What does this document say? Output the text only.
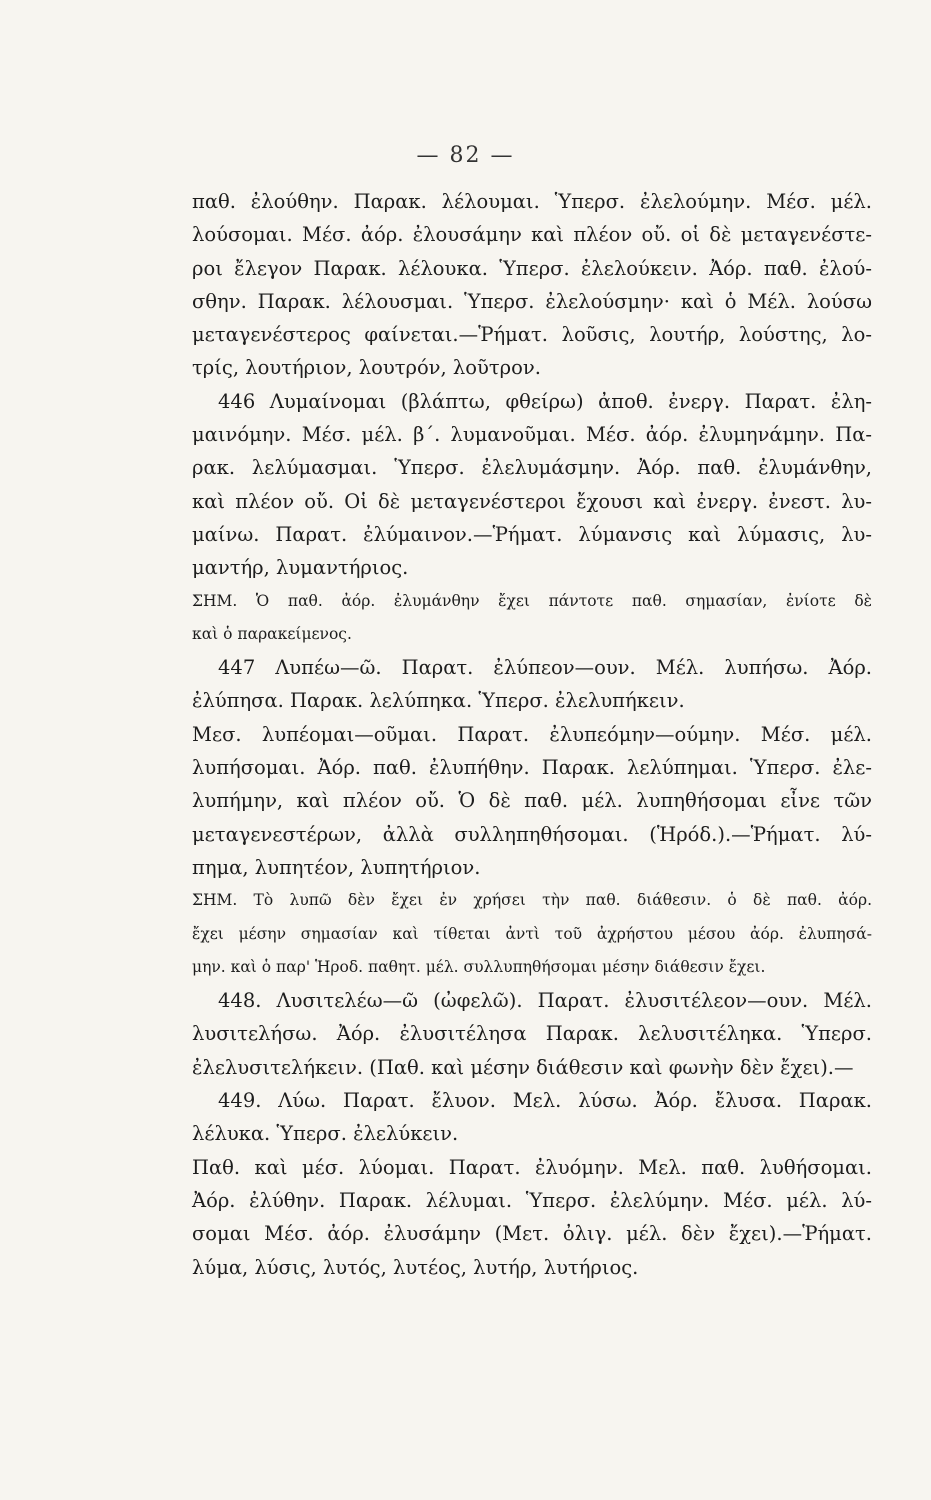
— 82 —
παθ. ἐλούθην. Παρακ. λέλουμαι. Ὑπερσ. ἐλελούμην. Μέσ. μέλ.
λούσομαι. Μέσ. ἀόρ. ἐλουσάμην καὶ πλέον οὔ. οἱ δὲ μεταγενέστε-
ροι ἔλεγον Παρακ. λέλουκα. Ὑπερσ. ἐλελούκειν. Ἀόρ. παθ. ἐλού-
σθην. Παρακ. λέλουσμαι. Ὑπερσ. ἐλελούσμην· καὶ ὁ Μέλ. λούσω
μεταγενέστερος φαίνεται.—Ῥήματ. λοῦσις, λουτήρ, λούστης, λο-
τρίς, λουτήριον, λουτρόν, λοῦτρον.
446 Λυμαίνομαι (βλάπτω, φθείρω) ἀποθ. ἐνεργ. Παρατ. ἐλη-
μαινόμην. Μέσ. μέλ. β΄. λυμανοῦμαι. Μέσ. ἀόρ. ἐλυμηνάμην. Πα-
ρακ. λελύμασμαι. Ὑπερσ. ἐλελυμάσμην. Ἀόρ. παθ. ἐλυμάνθην,
καὶ πλέον οὔ. Οἱ δὲ μεταγενέστεροι ἔχουσι καὶ ἐνεργ. ἐνεστ. λυ-
μαίνω. Παρατ. ἐλύμαινον.—Ῥήματ. λύμανσις καὶ λύμασις, λυ-
μαντήρ, λυμαντήριος.
ΣΗΜ. Ὁ παθ. ἀόρ. ἐλυμάνθην ἔχει πάντοτε παθ. σημασίαν, ἐνίοτε δὲ
καὶ ὁ παρακείμενος.
447 Λυπέω—ῶ. Παρατ. ἐλύπεον—ουν. Μέλ. λυπήσω. Ἀόρ.
ἐλύπησα. Παρακ. λελύπηκα. Ὑπερσ. ἐλελυπήκειν.
Μεσ. λυπέομαι—οῦμαι. Παρατ. ἐλυπεόμην—ούμην. Μέσ. μέλ.
λυπήσομαι. Ἀόρ. παθ. ἐλυπήθην. Παρακ. λελύπημαι. Ὑπερσ. ἐλε-
λυπήμην, καὶ πλέον οὔ. Ὁ δὲ παθ. μέλ. λυπηθήσομαι εἶνε τῶν
μεταγενεστέρων, ἀλλὰ συλληπηθήσομαι. (Ἡρόδ.).—Ῥήματ. λύ-
πημα, λυπητέον, λυπητήριον.
ΣΗΜ. Τὸ λυπῶ δὲν ἔχει ἐν χρήσει τὴν παθ. διάθεσιν. ὁ δὲ παθ. ἀόρ.
ἔχει μέσην σημασίαν καὶ τίθεται ἀντὶ τοῦ ἀχρήστου μέσου ἀόρ. ἐλυπησά-
μην. καὶ ὁ παρ' Ἡροδ. παθητ. μέλ. συλλυπηθήσομαι μέσην διάθεσιν ἔχει.
448. Λυσιτελέω—ῶ (ὠφελῶ). Παρατ. ἐλυσιτέλεον—ουν. Μέλ.
λυσιτελήσω. Ἀόρ. ἐλυσιτέλησα Παρακ. λελυσιτέληκα. Ὑπερσ.
ἐλελυσιτελήκειν. (Παθ. καὶ μέσην διάθεσιν καὶ φωνὴν δὲν ἔχει).—
449. Λύω. Παρατ. ἔλυον. Μελ. λύσω. Ἀόρ. ἔλυσα. Παρακ.
λέλυκα. Ὑπερσ. ἐλελύκειν.
Παθ. καὶ μέσ. λύομαι. Παρατ. ἐλυόμην. Μελ. παθ. λυθήσομαι.
Ἀόρ. ἐλύθην. Παρακ. λέλυμαι. Ὑπερσ. ἐλελύμην. Μέσ. μέλ. λύ-
σομαι Μέσ. ἀόρ. ἐλυσάμην (Μετ. ὀλιγ. μέλ. δὲν ἔχει).—Ῥήματ.
λύμα, λύσις, λυτός, λυτέος, λυτήρ, λυτήριος.
